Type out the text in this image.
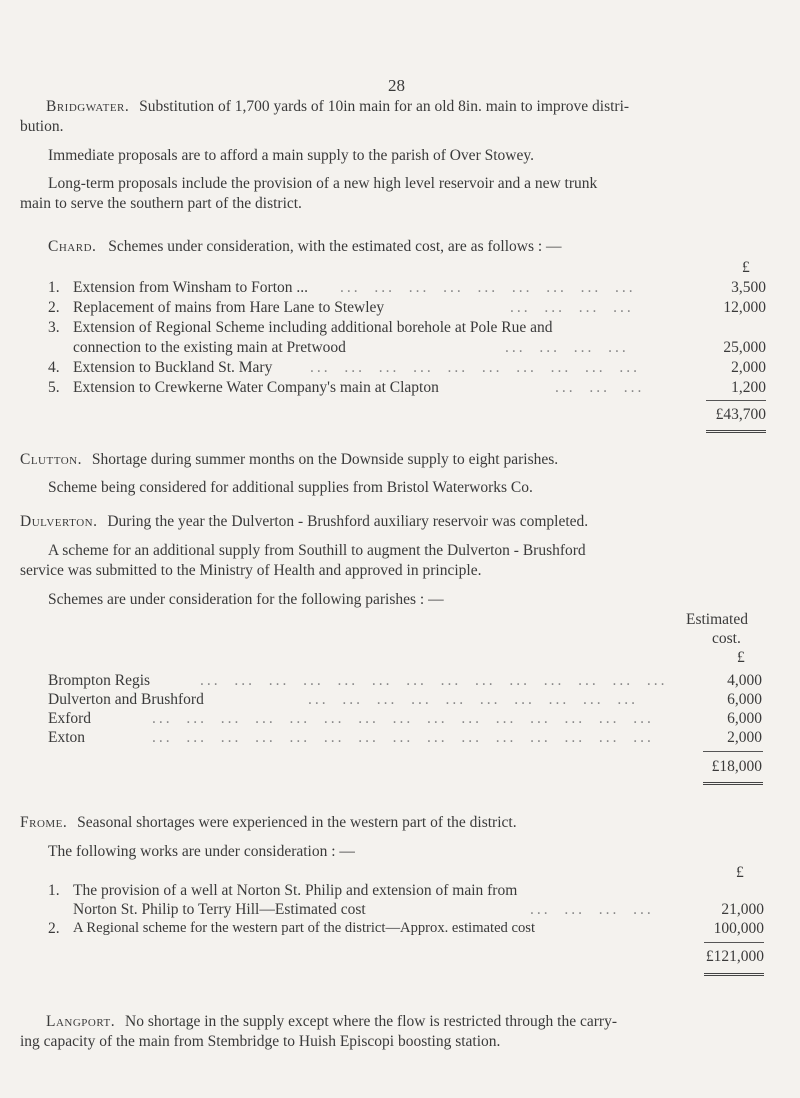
28
Bridgwater. Substitution of 1,700 yards of 10in main for an old 8in. main to improve distri-
bution.
Immediate proposals are to afford a main supply to the parish of Over Stowey.
Long-term proposals include the provision of a new high level reservoir and a new trunk
main to serve the southern part of the district.
Chard. Schemes under consideration, with the estimated cost, are as follows : —
£
1. Extension from Winsham to Forton ... ...  ...  ...  ...  ...  ...  ...  ...  ...	3,500
2. Replacement of mains from Hare Lane to Stewley	...  ...  ...  ...	12,000
3. Extension of Regional Scheme including additional borehole at Pole Rue and
connection to the existing main at Pretwood	...  ...  ...  ...	25,000
4. Extension to Buckland St. Mary ...  ...  ...  ...  ...  ...  ...  ...  ...  ...	2,000
5. Extension to Crewkerne Water Company's main at Clapton	...  ...  ...	1,200
£43,700
Clutton. Shortage during summer months on the Downside supply to eight parishes.
Scheme being considered for additional supplies from Bristol Waterworks Co.
Dulverton. During the year the Dulverton - Brushford auxiliary reservoir was completed.
A scheme for an additional supply from Southill to augment the Dulverton - Brushford
service was submitted to the Ministry of Health and approved in principle.
Schemes are under consideration for the following parishes : —
Estimated
cost.
£
Brompton Regis	...  ...  ...  ...  ...  ...  ...  ...  ...  ...  ...  ...  ...  ...	4,000
Dulverton and Brushford	...  ...  ...  ...  ...  ...  ...  ...  ...  ...	6,000
Exford	...  ...  ...  ...  ...  ...  ...  ...  ...  ...  ...  ...  ...  ...  ...	6,000
Exton	...  ...  ...  ...  ...  ...  ...  ...  ...  ...  ...  ...  ...  ...  ...	2,000
£18,000
Frome. Seasonal shortages were experienced in the western part of the district.
The following works are under consideration : —
£
1. The provision of a well at Norton St. Philip and extension of main from
Norton St. Philip to Terry Hill—Estimated cost	...  ...  ...  ...	21,000
2. A Regional scheme for the western part of the district—Approx. estimated cost	100,000
£121,000
Langport. No shortage in the supply except where the flow is restricted through the carry-
ing capacity of the main from Stembridge to Huish Episcopi boosting station.
